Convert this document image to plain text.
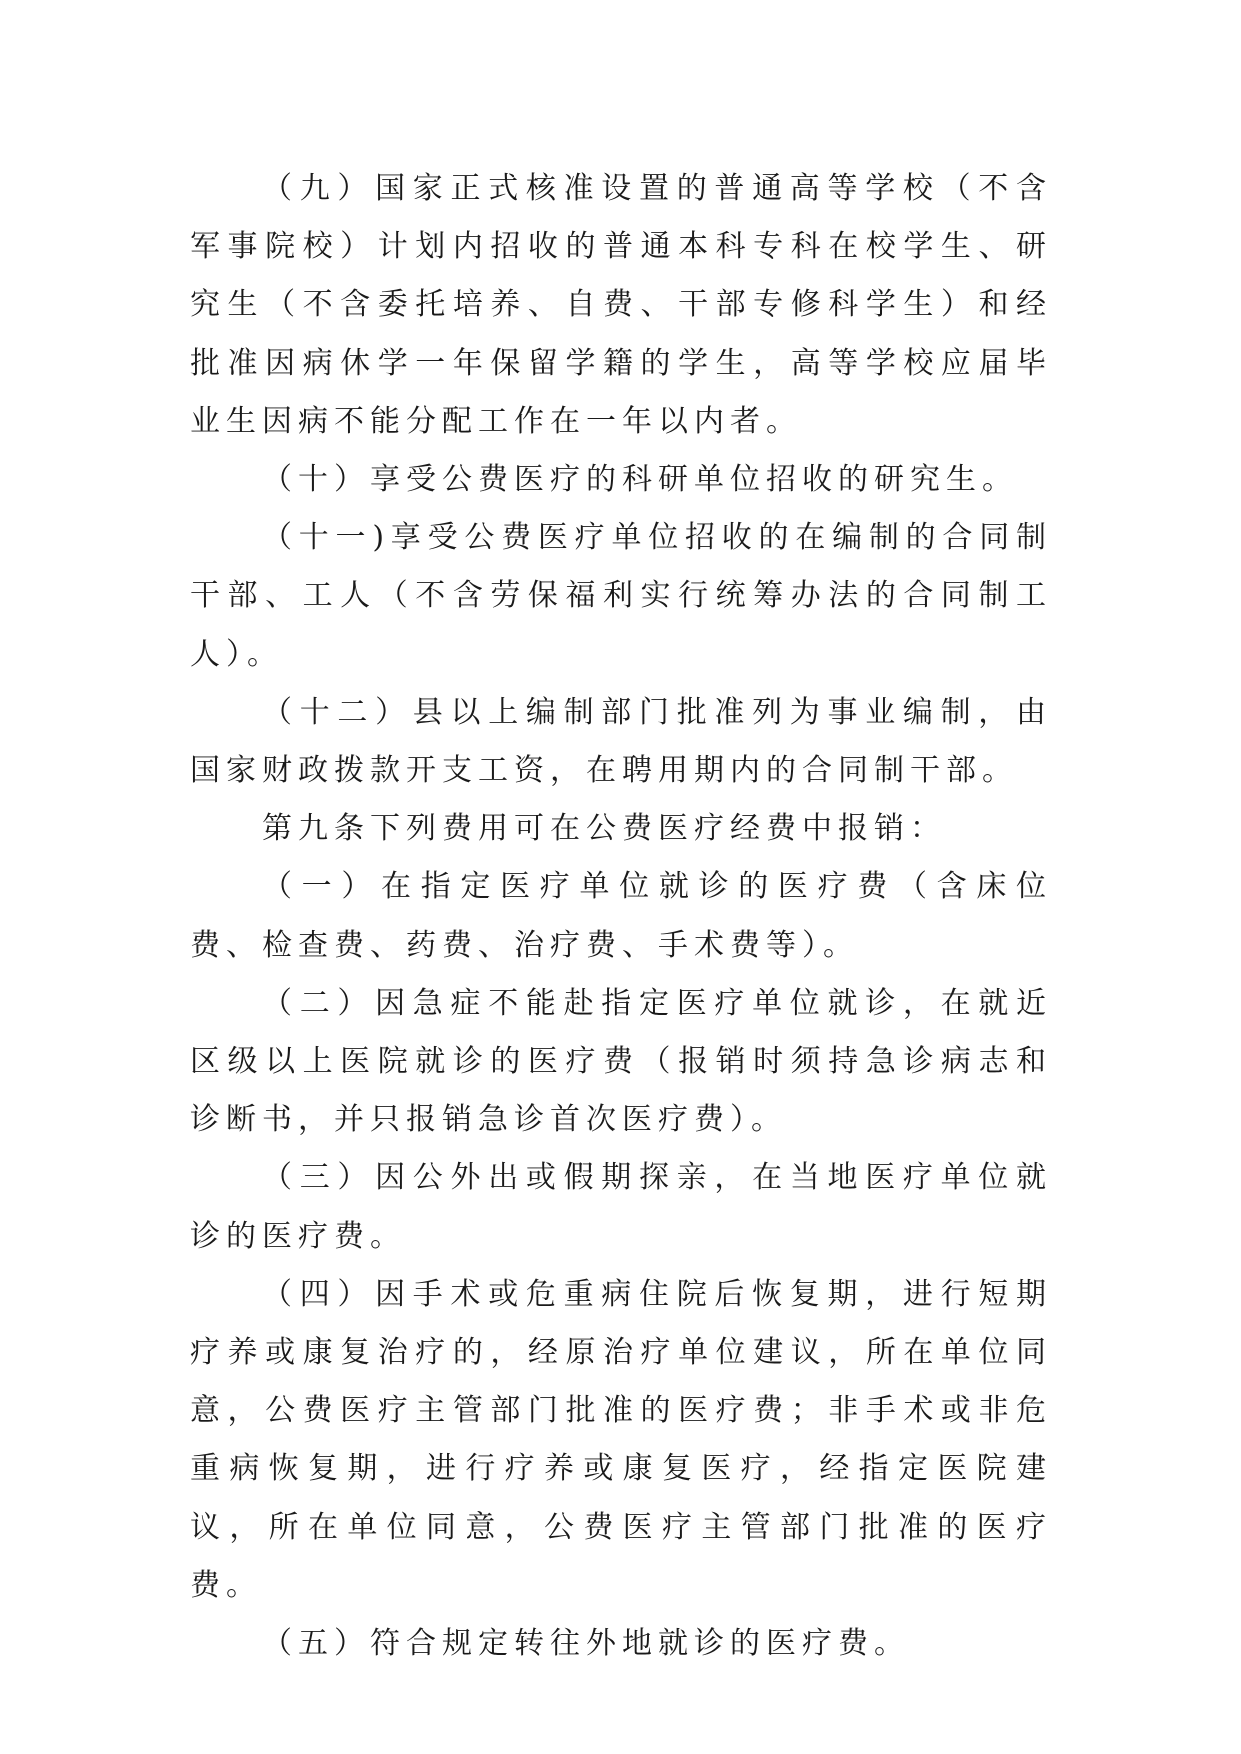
（九）国家正式核准设置的普通高等学校（不含军事院校）计划内招收的普通本科专科在校学生、研究生（不含委托培养、自费、干部专修科学生）和经批准因病休学一年保留学籍的学生，高等学校应届毕业生因病不能分配工作在一年以内者。

（十）享受公费医疗的科研单位招收的研究生。

（十一)享受公费医疗单位招收的在编制的合同制干部、工人（不含劳保福利实行统筹办法的合同制工人）。

（十二）县以上编制部门批准列为事业编制，由国家财政拨款开支工资，在聘用期内的合同制干部。

第九条下列费用可在公费医疗经费中报销：

（一）在指定医疗单位就诊的医疗费（含床位费、检查费、药费、治疗费、手术费等）。

（二）因急症不能赴指定医疗单位就诊，在就近区级以上医院就诊的医疗费（报销时须持急诊病志和诊断书，并只报销急诊首次医疗费）。

（三）因公外出或假期探亲，在当地医疗单位就诊的医疗费。

（四）因手术或危重病住院后恢复期，进行短期疗养或康复治疗的，经原治疗单位建议，所在单位同意，公费医疗主管部门批准的医疗费；非手术或非危重病恢复期，进行疗养或康复医疗，经指定医院建议，所在单位同意，公费医疗主管部门批准的医疗费。

（五）符合规定转往外地就诊的医疗费。
